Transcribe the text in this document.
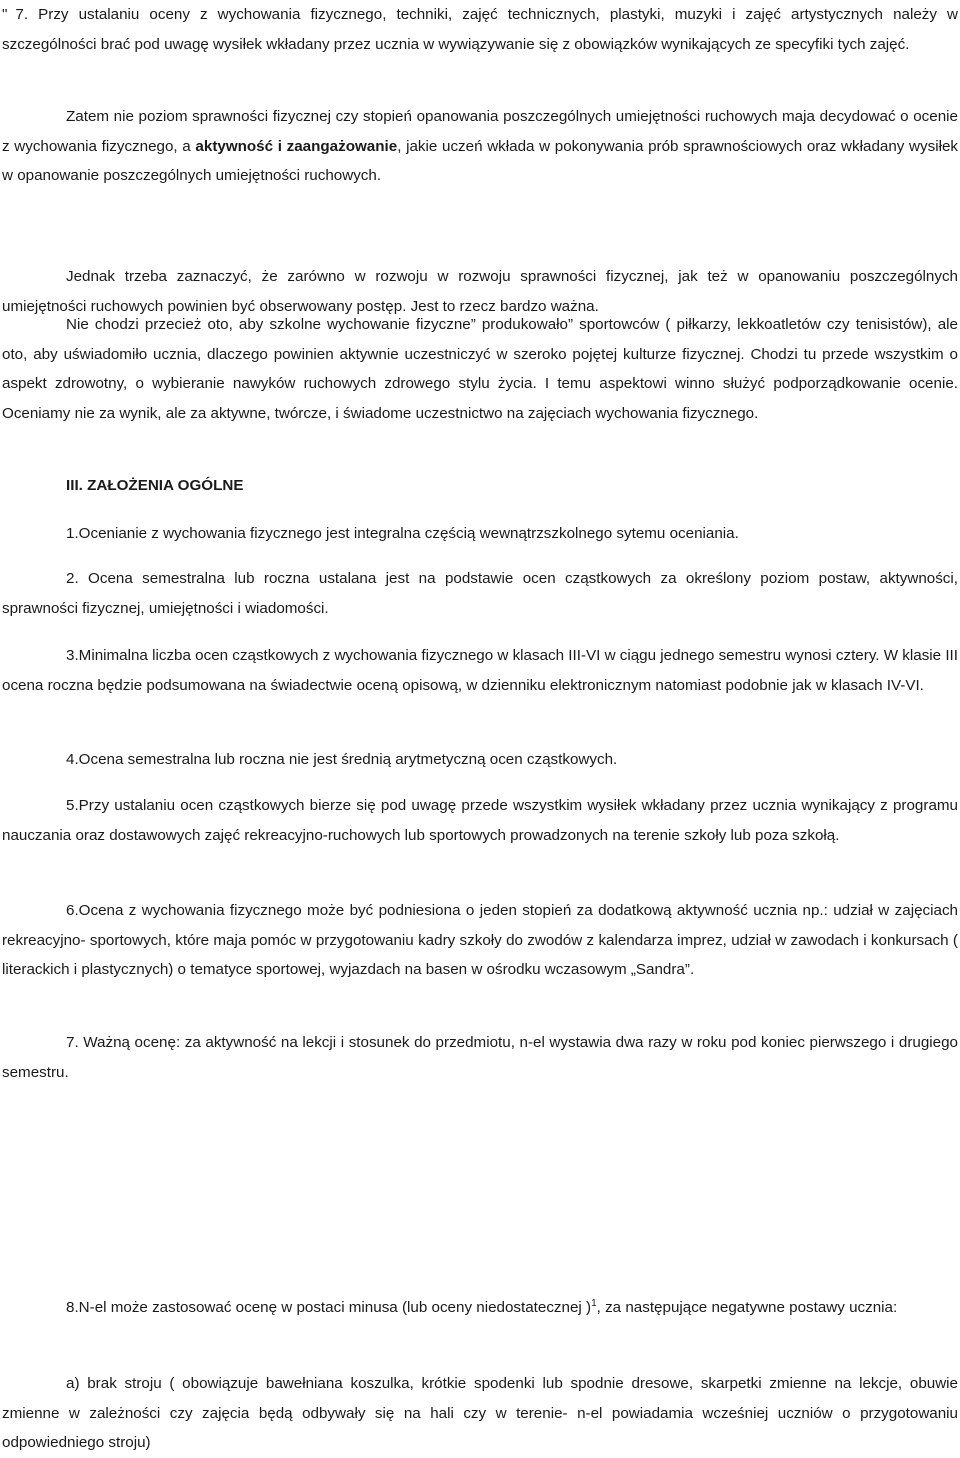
" 7. Przy ustalaniu oceny z wychowania fizycznego, techniki, zajęć technicznych, plastyki, muzyki i zajęć artystycznych należy w szczególności brać pod uwagę wysiłek wkładany przez ucznia w wywiązywanie się z obowiązków wynikających ze specyfiki tych zajęć.

Zatem nie poziom sprawności fizycznej czy stopień opanowania poszczególnych umiejętności ruchowych maja decydować o ocenie z wychowania fizycznego, a aktywność i zaangażowanie, jakie uczeń wkłada w pokonywania prób sprawnościowych oraz wkładany wysiłek w opanowanie poszczególnych umiejętności ruchowych.

Jednak trzeba zaznaczyć, że zarówno w rozwoju w rozwoju sprawności fizycznej, jak też w opanowaniu poszczególnych umiejętności ruchowych powinien być obserwowany postęp. Jest to rzecz bardzo ważna.

Nie chodzi przecież oto, aby szkolne wychowanie fizyczne” produkowało” sportowców ( piłkarzy, lekkoatletów czy tenisistów), ale oto, aby uświadomiło ucznia, dlaczego powinien aktywnie uczestniczyć w szeroko pojętej kulturze fizycznej. Chodzi tu przede wszystkim o aspekt zdrowotny, o wybieranie nawyków ruchowych zdrowego stylu życia. I temu aspektowi winno służyć podporządkowanie ocenie. Oceniamy nie za wynik, ale za aktywne, twórcze, i świadome uczestnictwo na zajęciach wychowania fizycznego.

III. ZAŁOŻENIA OGÓLNE

1.Ocenianie z wychowania fizycznego jest integralna częścią wewnątrzszkolnego sytemu oceniania.

2. Ocena semestralna lub roczna ustalana jest na podstawie ocen cząstkowych za określony poziom postaw, aktywności, sprawności fizycznej, umiejętności i wiadomości.

3.Minimalna liczba ocen cząstkowych z wychowania fizycznego w klasach III-VI w ciągu jednego semestru wynosi cztery. W klasie III ocena roczna będzie podsumowana na świadectwie oceną opisową, w dzienniku elektronicznym natomiast podobnie jak w klasach IV-VI.

4.Ocena semestralna lub roczna nie jest średnią arytmetyczną ocen cząstkowych.

5.Przy ustalaniu ocen cząstkowych bierze się pod uwagę przede wszystkim wysiłek wkładany przez ucznia wynikający z programu nauczania oraz dostawowych zajęć rekreacyjno-ruchowych lub sportowych prowadzonych na terenie szkoły lub poza szkołą.

6.Ocena z wychowania fizycznego może być podniesiona o jeden stopień za dodatkową aktywność ucznia np.: udział w zajęciach rekreacyjno- sportowych, które maja pomóc w przygotowaniu kadry szkoły do zwodów z kalendarza imprez, udział w zawodach i konkursach ( literackich i plastycznych) o tematyce sportowej, wyjazdach na basen w ośrodku wczasowym „Sandra”.

7. Ważną ocenę: za aktywność na lekcji i stosunek do przedmiotu, n-el wystawia dwa razy w roku pod koniec pierwszego i drugiego semestru.

8.N-el może zastosować ocenę w postaci minusa (lub oceny niedostatecznej )$^1$, za następujące negatywne postawy ucznia:

a) brak stroju ( obowiązuje bawełniana koszulka, krótkie spodenki lub spodnie dresowe, skarpetki zmienne na lekcje, obuwie zmienne w zależności czy zajęcia będą odbywały się na hali czy w terenie- n-el powiadamia wcześniej uczniów o przygotowaniu odpowiedniego stroju)
